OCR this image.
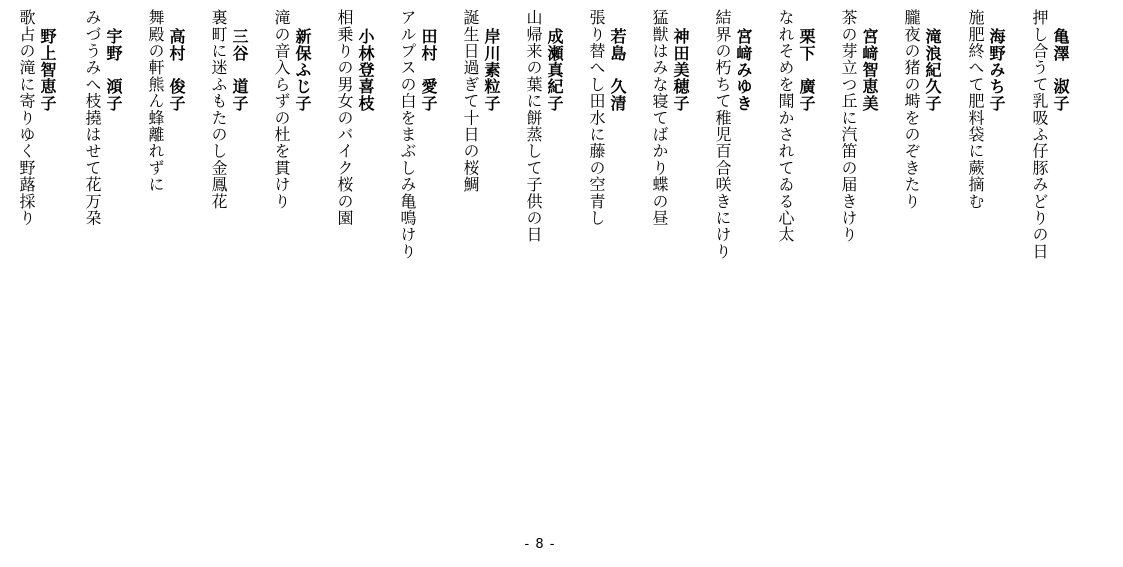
亀澤　淑子
押し合うて乳吸ふ仔豚みどりの日
海野みち子
施肥終へて肥料袋に蕨摘む
滝浪紀久子
朧夜の猪の塒をのぞきたり
宮﨑智恵美
茶の芽立つ丘に汽笛の届きけり
栗下　廣子
なれそめを聞かされてゐる心太
宮﨑みゆき
結界の朽ちて稚児百合咲きにけり
神田美穂子
猛獣はみな寝てばかり蝶の昼
若島　久清
張り替へし田水に藤の空青し
成瀬真紀子
山帰来の葉に餅蒸して子供の日
岸川素粒子
誕生日過ぎて十日の桜鯛
田村　愛子
アルプスの白をまぶしみ亀鳴けり
小林登喜枝
相乗りの男女のバイク桜の園
新保ふじ子
滝の音入らずの杜を貫けり
三谷　道子
裏町に迷ふもたのし金鳳花
高村　俊子
舞殿の軒熊ん蜂離れずに
宇野　澒子
みづうみへ枝撓はせて花万朶
野上智恵子
歌占の滝に寄りゆく野蕗採り
- 8 -
